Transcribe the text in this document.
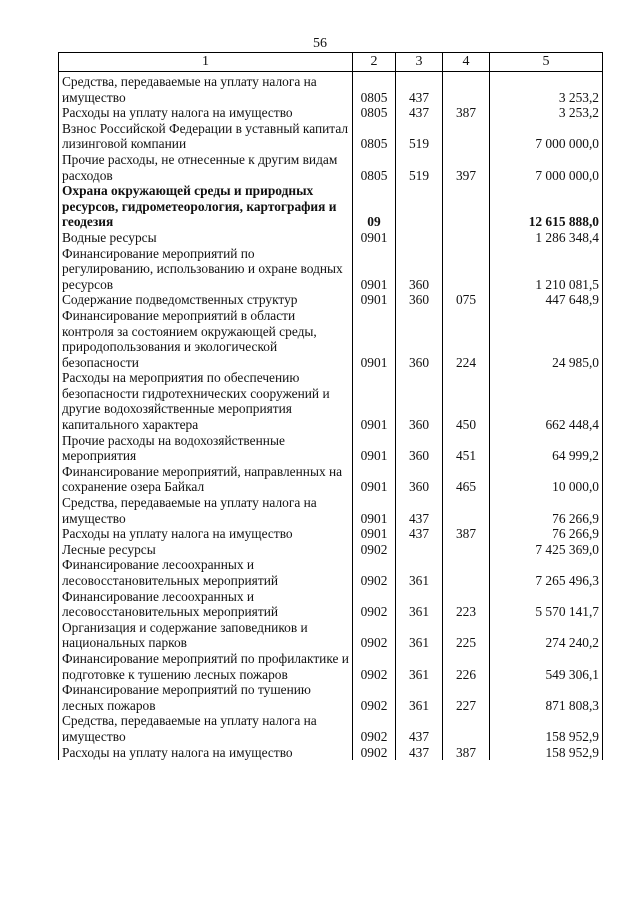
56
1	2	3	4	5
Средства, передаваемые на уплату налога на имущество	0805	437		3 253,2
Расходы на уплату налога на имущество	0805	437	387	3 253,2
Взнос Российской Федерации в уставный капитал лизинговой компании	0805	519		7 000 000,0
Прочие расходы, не отнесенные к другим видам расходов	0805	519	397	7 000 000,0
Охрана окружающей среды и природных ресурсов, гидрометеорология, картография и геодезия	09			12 615 888,0
Водные ресурсы	0901			1 286 348,4
Финансирование мероприятий по регулированию, использованию и охране водных ресурсов	0901	360		1 210 081,5
Содержание подведомственных структур	0901	360	075	447 648,9
Финансирование мероприятий в области контроля за состоянием окружающей среды, природопользования и экологической безопасности	0901	360	224	24 985,0
Расходы на мероприятия по обеспечению безопасности гидротехнических сооружений и другие водохозяйственные мероприятия капитального характера	0901	360	450	662 448,4
Прочие расходы на водохозяйственные мероприятия	0901	360	451	64 999,2
Финансирование мероприятий, направленных на сохранение озера Байкал	0901	360	465	10 000,0
Средства, передаваемые на уплату налога на имущество	0901	437		76 266,9
Расходы на уплату налога на имущество	0901	437	387	76 266,9
Лесные ресурсы	0902			7 425 369,0
Финансирование лесоохранных и лесовосстановительных мероприятий	0902	361		7 265 496,3
Финансирование лесоохранных и лесовосстановительных мероприятий	0902	361	223	5 570 141,7
Организация и содержание заповедников и национальных парков	0902	361	225	274 240,2
Финансирование мероприятий по профилактике и подготовке к тушению лесных пожаров	0902	361	226	549 306,1
Финансирование мероприятий по тушению лесных пожаров	0902	361	227	871 808,3
Средства, передаваемые на уплату налога на имущество	0902	437		158 952,9
Расходы на уплату налога на имущество	0902	437	387	158 952,9
